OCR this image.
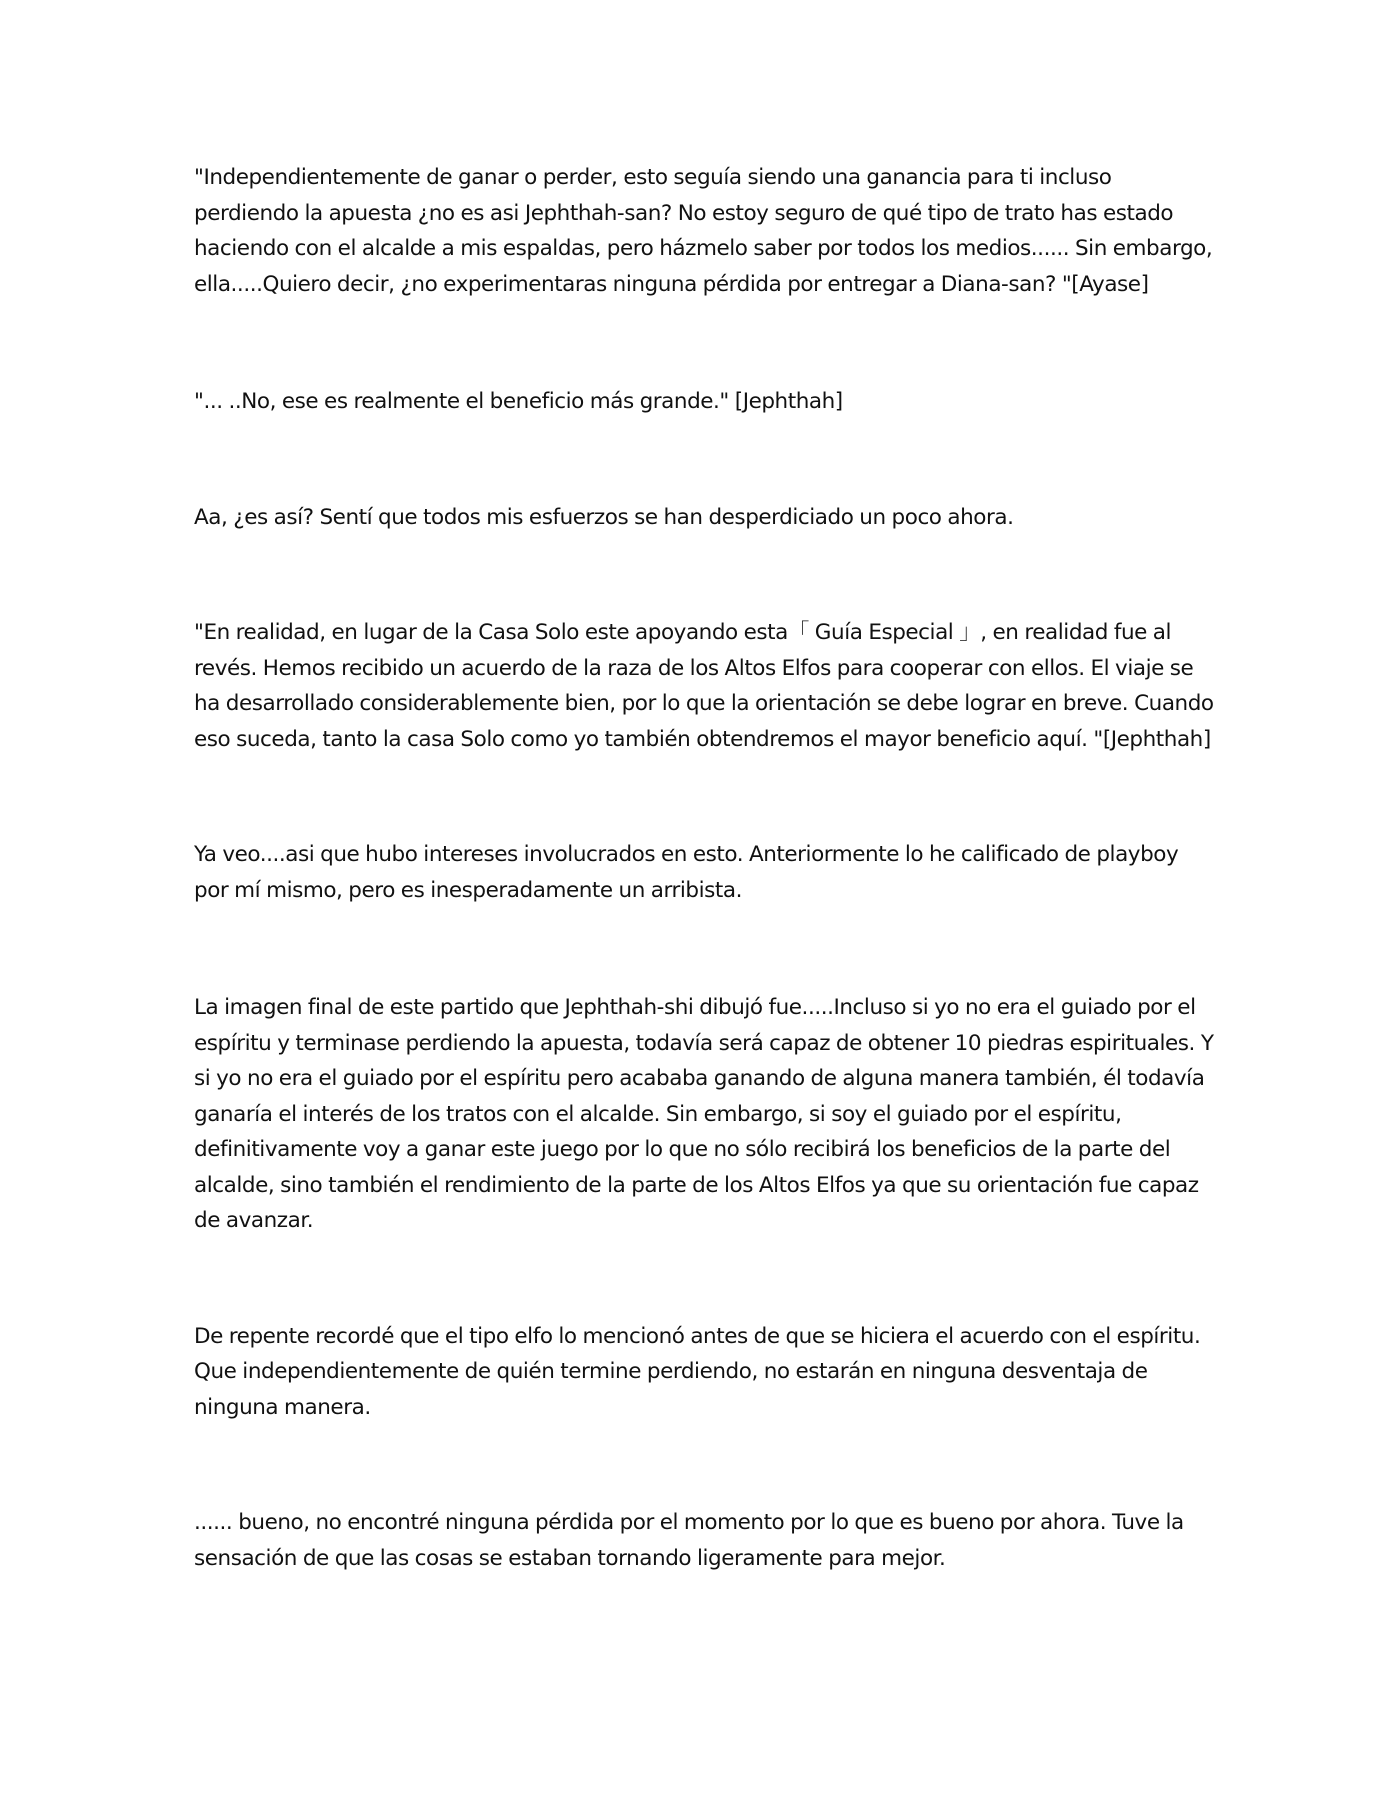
"Independientemente de ganar o perder, esto seguía siendo una ganancia para ti incluso perdiendo la apuesta ¿no es asi Jephthah-san? No estoy seguro de qué tipo de trato has estado haciendo con el alcalde a mis espaldas, pero házmelo saber por todos los medios...... Sin embargo, ella.....Quiero decir, ¿no experimentaras ninguna pérdida por entregar a Diana-san? "[Ayase]

"... ..No, ese es realmente el beneficio más grande." [Jephthah]

Aa, ¿es así? Sentí que todos mis esfuerzos se han desperdiciado un poco ahora.

"En realidad, en lugar de la Casa Solo este apoyando esta「 Guía Especial 」, en realidad fue al revés. Hemos recibido un acuerdo de la raza de los Altos Elfos para cooperar con ellos. El viaje se ha desarrollado considerablemente bien, por lo que la orientación se debe lograr en breve. Cuando eso suceda, tanto la casa Solo como yo también obtendremos el mayor beneficio aquí. "[Jephthah]

Ya veo....asi que hubo intereses involucrados en esto. Anteriormente lo he calificado de playboy por mí mismo, pero es inesperadamente un arribista.

La imagen final de este partido que Jephthah-shi dibujó fue.....Incluso si yo no era el guiado por el espíritu y terminase perdiendo la apuesta, todavía será capaz de obtener 10 piedras espirituales. Y si yo no era el guiado por el espíritu pero acababa ganando de alguna manera también, él todavía ganaría el interés de los tratos con el alcalde. Sin embargo, si soy el guiado por el espíritu, definitivamente voy a ganar este juego por lo que no sólo recibirá los beneficios de la parte del alcalde, sino también el rendimiento de la parte de los Altos Elfos ya que su orientación fue capaz de avanzar.

De repente recordé que el tipo elfo lo mencionó antes de que se hiciera el acuerdo con el espíritu. Que independientemente de quién termine perdiendo, no estarán en ninguna desventaja de ninguna manera.

...... bueno, no encontré ninguna pérdida por el momento por lo que es bueno por ahora. Tuve la sensación de que las cosas se estaban tornando ligeramente para mejor.
